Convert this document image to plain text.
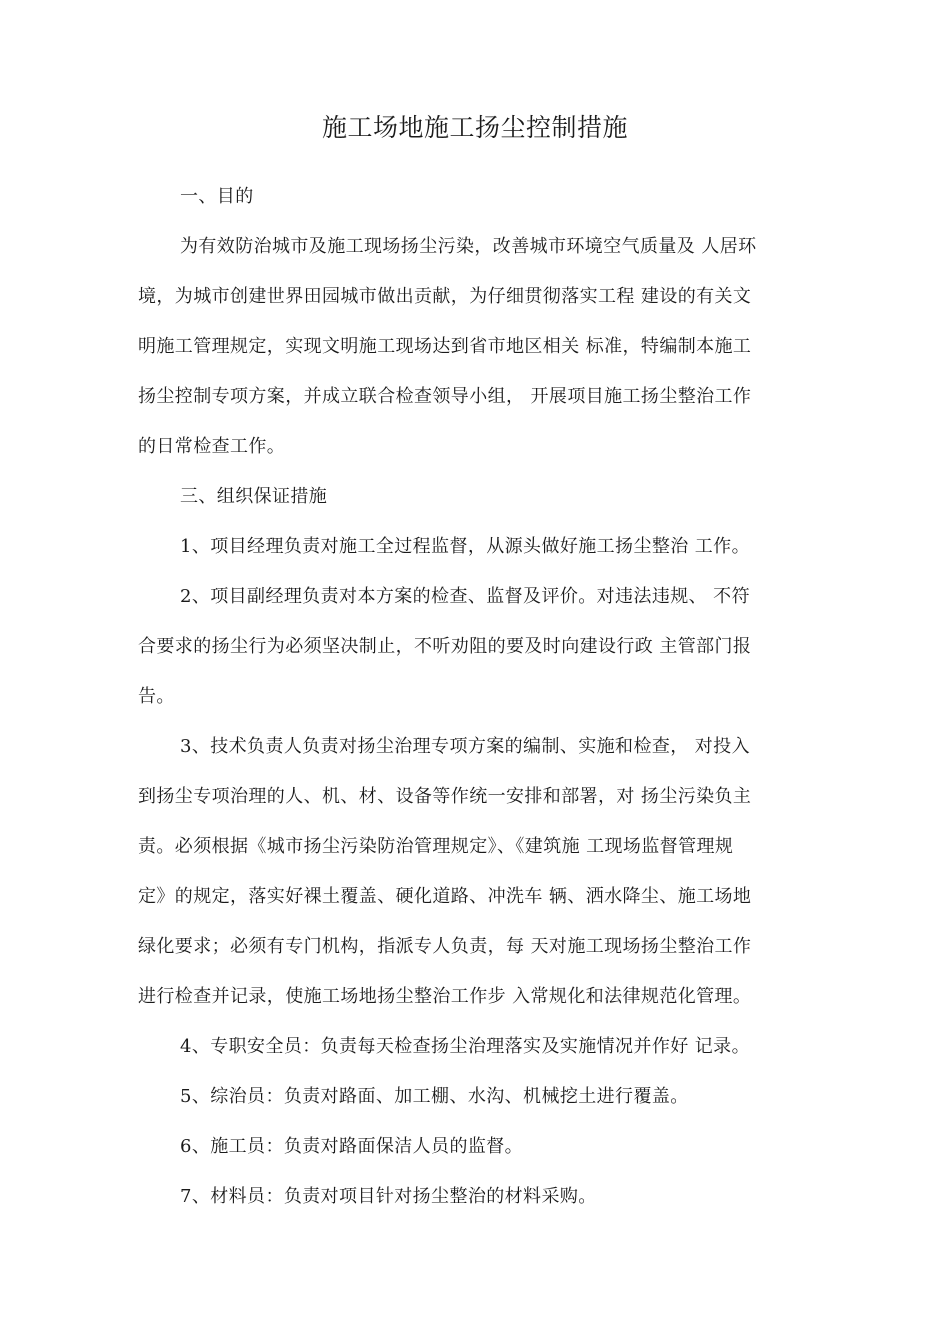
施工场地施工扬尘控制措施
一、目的
为有效防治城市及施工现场扬尘污染，改善城市环境空气质量及 人居环
境，为城市创建世界田园城市做出贡献，为仔细贯彻落实工程 建设的有关文
明施工管理规定，实现文明施工现场达到省市地区相关 标准，特编制本施工
扬尘控制专项方案，并成立联合检查领导小组， 开展项目施工扬尘整治工作
的日常检查工作。
三、组织保证措施
1、项目经理负责对施工全过程监督，从源头做好施工扬尘整治 工作。
2、项目副经理负责对本方案的检查、监督及评价。对违法违规、 不符
合要求的扬尘行为必须坚决制止，不听劝阻的要及时向建设行政 主管部门报
告。
3、技术负责人负责对扬尘治理专项方案的编制、实施和检查， 对投入
到扬尘专项治理的人、机、材、设备等作统一安排和部署，对 扬尘污染负主
责。必须根据《城市扬尘污染防治管理规定》、《建筑施 工现场监督管理规
定》的规定，落实好裸土覆盖、硬化道路、冲洗车 辆、洒水降尘、施工场地
绿化要求；必须有专门机构，指派专人负责，每 天对施工现场扬尘整治工作
进行检查并记录，使施工场地扬尘整治工作步 入常规化和法律规范化管理。
4、专职安全员：负责每天检查扬尘治理落实及实施情况并作好 记录。
5、综治员：负责对路面、加工棚、水沟、机械挖土进行覆盖。
6、施工员：负责对路面保洁人员的监督。
7、材料员：负责对项目针对扬尘整治的材料采购。
